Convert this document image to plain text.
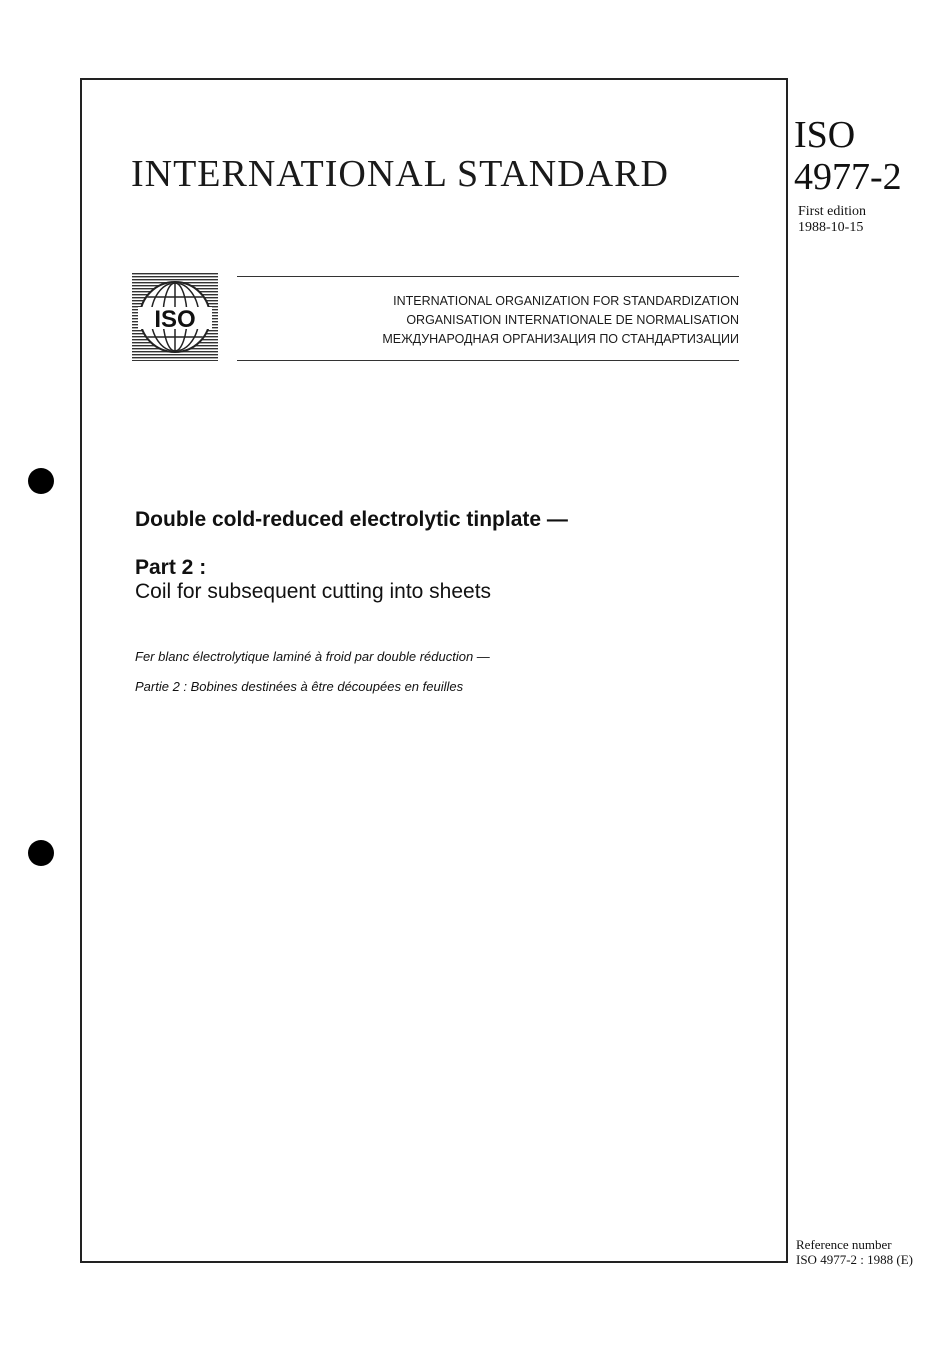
INTERNATIONAL STANDARD
ISO
4977-2
First edition
1988-10-15
ISO
INTERNATIONAL ORGANIZATION FOR STANDARDIZATION
ORGANISATION INTERNATIONALE DE NORMALISATION
МЕЖДУНАРОДНАЯ ОРГАНИЗАЦИЯ ПО СТАНДАРТИЗАЦИИ
Double cold-reduced electrolytic tinplate —
Part 2 :
Coil for subsequent cutting into sheets
Fer blanc électrolytique laminé à froid par double réduction —
Partie 2 : Bobines destinées à être découpées en feuilles
Reference number
ISO 4977-2 : 1988 (E)
